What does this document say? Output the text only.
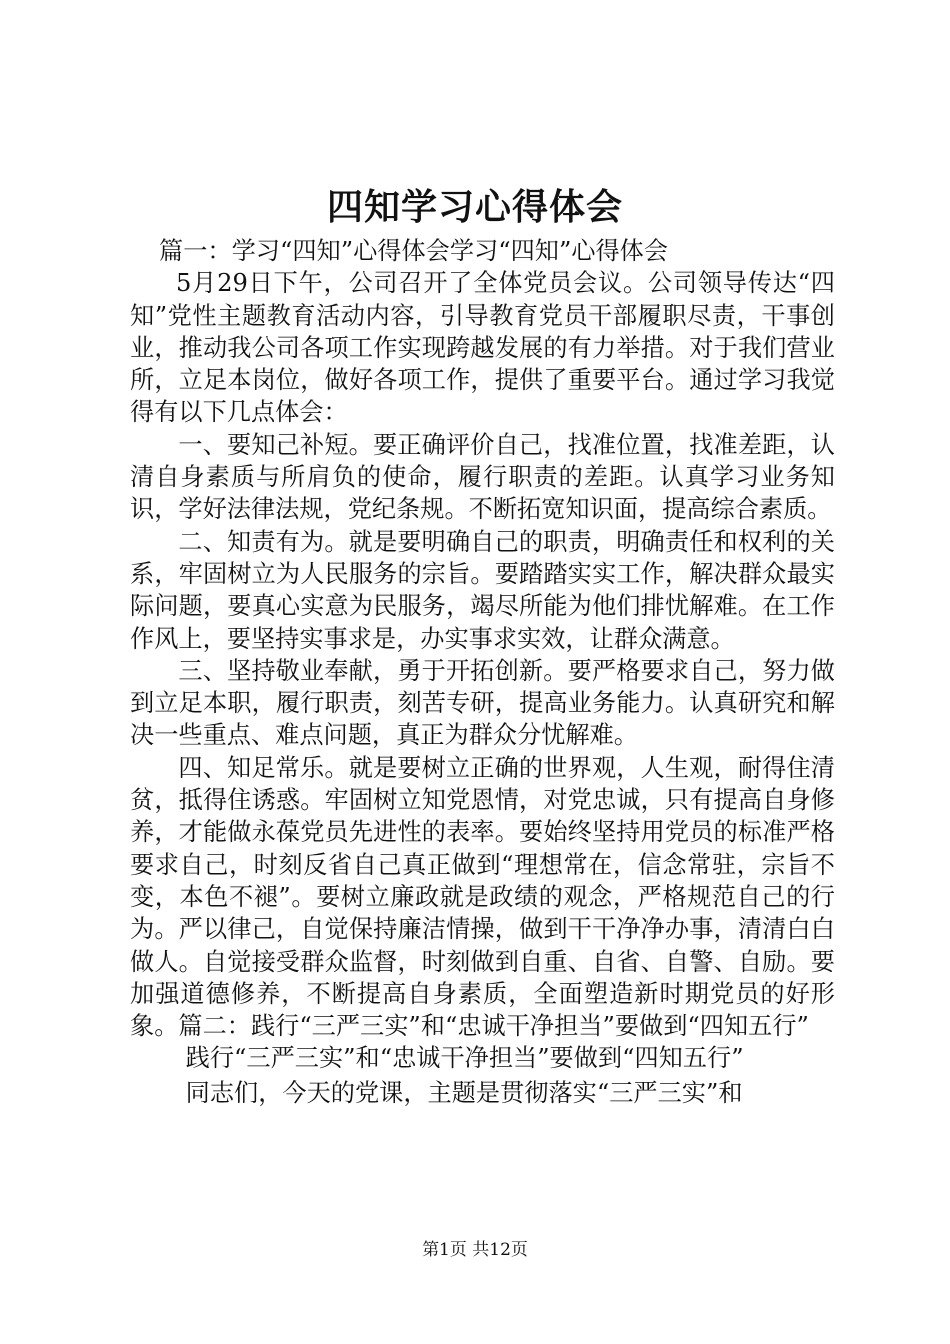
四知学习心得体会

篇一：学习“四知”心得体会学习“四知”心得体会

5月29日下午，公司召开了全体党员会议。公司领导传达“四知”党性主题教育活动内容，引导教育党员干部履职尽责，干事创业，推动我公司各项工作实现跨越发展的有力举措。对于我们营业所，立足本岗位，做好各项工作，提供了重要平台。通过学习我觉得有以下几点体会：

一、要知己补短。要正确评价自己，找准位置，找准差距，认清自身素质与所肩负的使命，履行职责的差距。认真学习业务知识，学好法律法规，党纪条规。不断拓宽知识面，提高综合素质。

二、知责有为。就是要明确自己的职责，明确责任和权利的关系，牢固树立为人民服务的宗旨。要踏踏实实工作，解决群众最实际问题，要真心实意为民服务，竭尽所能为他们排忧解难。在工作作风上，要坚持实事求是，办实事求实效，让群众满意。

三、坚持敬业奉献，勇于开拓创新。要严格要求自己，努力做到立足本职，履行职责，刻苦专研，提高业务能力。认真研究和解决一些重点、难点问题，真正为群众分忧解难。

四、知足常乐。就是要树立正确的世界观，人生观，耐得住清贫，抵得住诱惑。牢固树立知党恩情，对党忠诚，只有提高自身修养，才能做永葆党员先进性的表率。要始终坚持用党员的标准严格要求自己，时刻反省自己真正做到“理想常在，信念常驻，宗旨不变，本色不褪”。要树立廉政就是政绩的观念，严格规范自己的行为。严以律己，自觉保持廉洁情操，做到干干净净办事，清清白白做人。自觉接受群众监督，时刻做到自重、自省、自警、自励。要加强道德修养，不断提高自身素质，全面塑造新时期党员的好形象。篇二：践行“三严三实”和“忠诚干净担当”要做到“四知五行”

践行“三严三实”和“忠诚干净担当”要做到“四知五行”

同志们，今天的党课，主题是贯彻落实“三严三实”和

第1页 共12页
